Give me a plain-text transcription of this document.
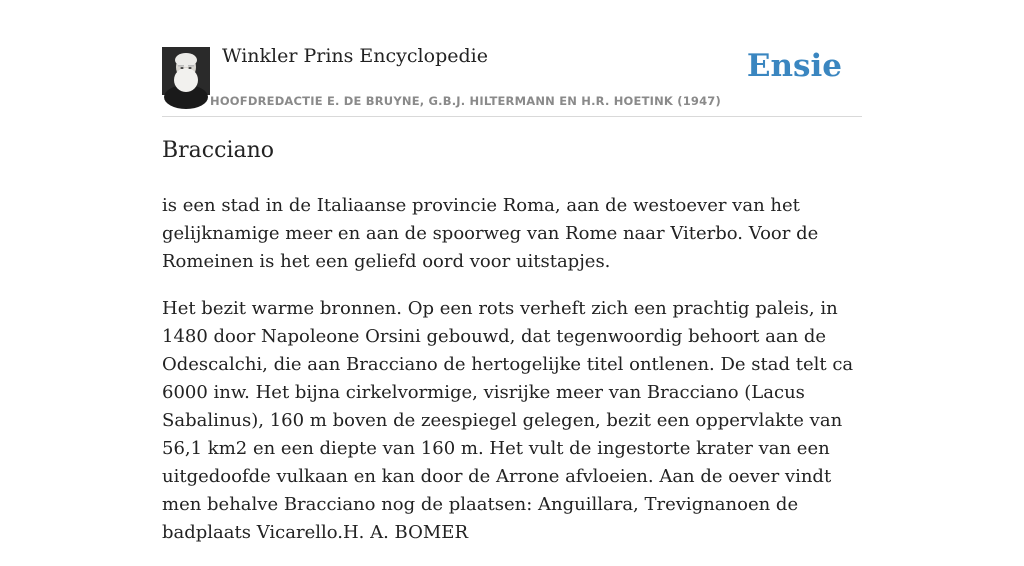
Winkler Prins Encyclopedie
HOOFDREDACTIE E. DE BRUYNE, G.B.J. HILTERMANN EN H.R. HOETINK (1947)
Ensie
Bracciano

is een stad in de Italiaanse provincie Roma, aan de westoever van het gelijknamige meer en aan de spoorweg van Rome naar Viterbo. Voor de Romeinen is het een geliefd oord voor uitstapjes.

Het bezit warme bronnen. Op een rots verheft zich een prachtig paleis, in 1480 door Napoleone Orsini gebouwd, dat tegenwoordig behoort aan de Odescalchi, die aan Bracciano de hertogelijke titel ontlenen. De stad telt ca 6000 inw. Het bijna cirkelvormige, visrijke meer van Bracciano (Lacus Sabalinus), 160 m boven de zeespiegel gelegen, bezit een oppervlakte van 56,1 km2 en een diepte van 160 m. Het vult de ingestorte krater van een uitgedoofde vulkaan en kan door de Arrone afvloeien. Aan de oever vindt men behalve Bracciano nog de plaatsen: Anguillara, Trevignanoen de badplaats Vicarello.H. A. BOMER
